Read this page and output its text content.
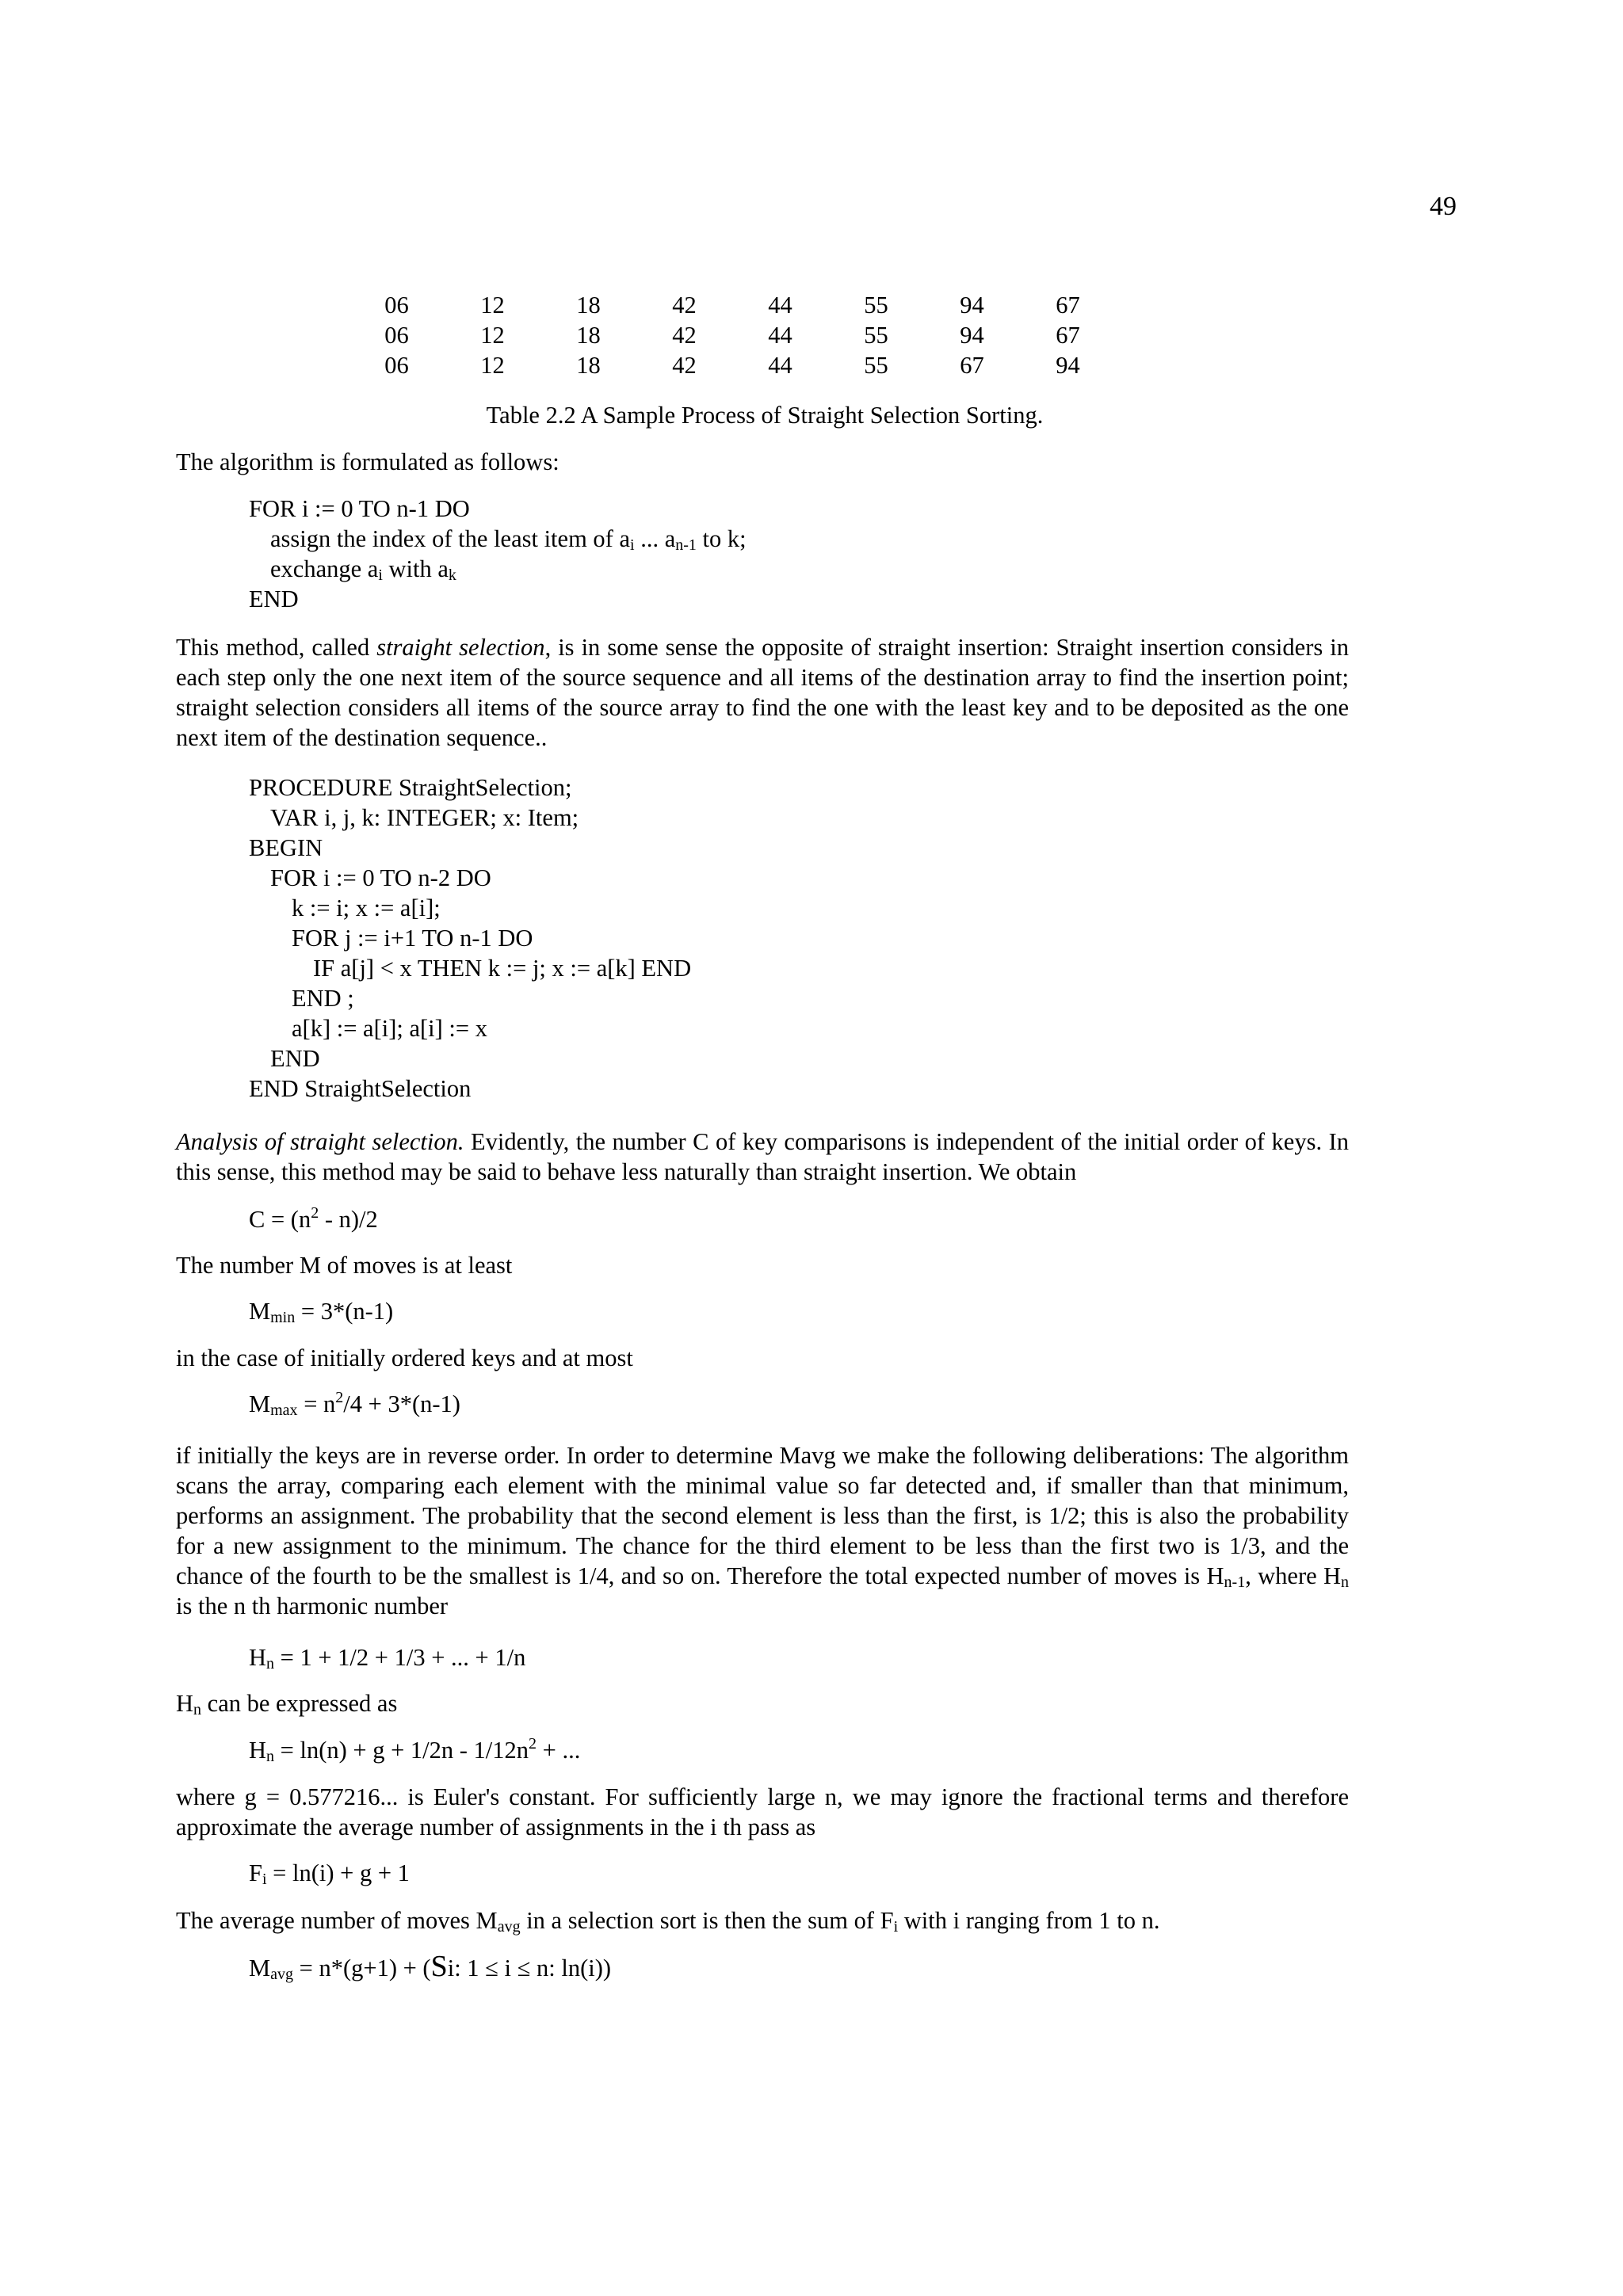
49
06	12	18	42	44	55	94	67
06	12	18	42	44	55	94	67
06	12	18	42	44	55	67	94
Table 2.2 A Sample Process of Straight Selection Sorting.
The algorithm is formulated as follows:
FOR i := 0 TO n-1 DO
assign the index of the least item of $a_i$ ... $a_{n-1}$ to k;
exchange $a_i$ with $a_k$
END
This method, called straight selection, is in some sense the opposite of straight insertion: Straight insertion considers in each step only the one next item of the source sequence and all items of the destination array to find the insertion point; straight selection considers all items of the source array to find the one with the least key and to be deposited as the one next item of the destination sequence..
PROCEDURE StraightSelection;
VAR i, j, k: INTEGER; x: Item;
BEGIN
FOR i := 0 TO n-2 DO
k := i; x := a[i];
FOR j := i+1 TO n-1 DO
IF a[j] < x THEN k := j; x := a[k] END
END ;
a[k] := a[i]; a[i] := x
END
END StraightSelection
Analysis of straight selection. Evidently, the number C of key comparisons is independent of the initial order of keys. In this sense, this method may be said to behave less naturally than straight insertion. We obtain
$C = (n^2 - n)/2$
The number M of moves is at least
$M_{min} = 3*(n-1)$
in the case of initially ordered keys and at most
$M_{max} = n^2/4 + 3*(n-1)$
if initially the keys are in reverse order. In order to determine Mavg we make the following deliberations: The algorithm scans the array, comparing each element with the minimal value so far detected and, if smaller than that minimum, performs an assignment. The probability that the second element is less than the first, is 1/2; this is also the probability for a new assignment to the minimum. The chance for the third element to be less than the first two is 1/3, and the chance of the fourth to be the smallest is 1/4, and so on. Therefore the total expected number of moves is $H_{n-1}$, where $H_n$ is the n th harmonic number
$H_n = 1 + 1/2 + 1/3$ + ... + 1/n
$H_n$ can be expressed as
$H_n = \ln(n) + g + 1/2n - 1/12n^2$ + ...
where g = 0.577216... is Euler's constant. For sufficiently large n, we may ignore the fractional terms and therefore approximate the average number of assignments in the i th pass as
$F_i = \ln(i) + g + 1$
The average number of moves $M_{avg}$ in a selection sort is then the sum of $F_i$ with i ranging from 1 to n.
$M_{avg} = n*(g+1) + (Si$: 1 ≤ i ≤ n: ln(i))
